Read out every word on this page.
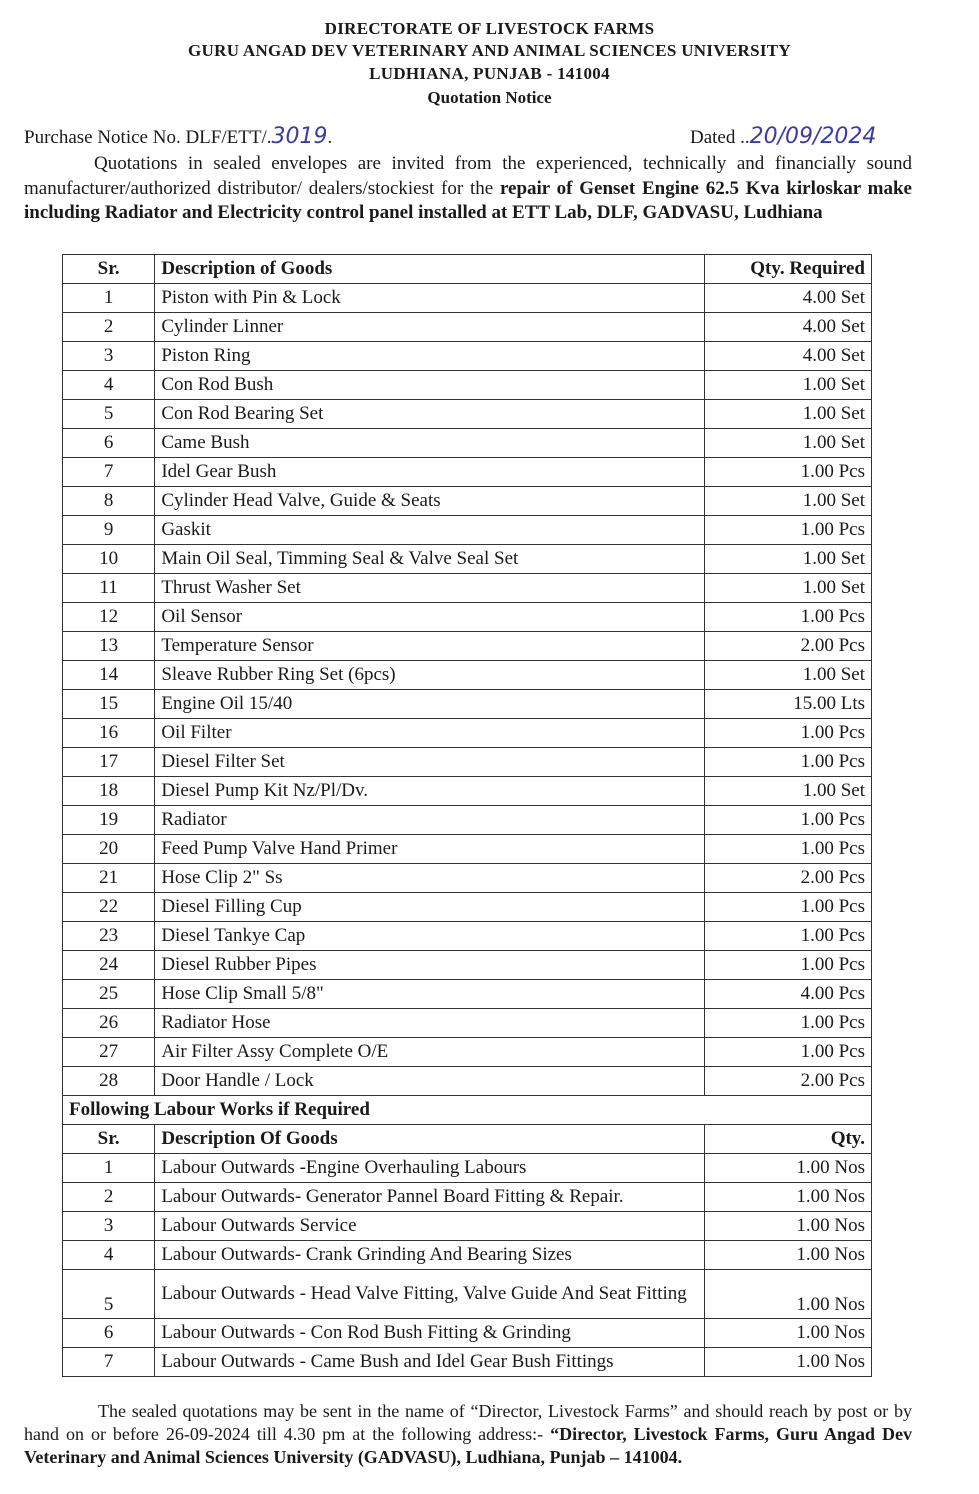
DIRECTORATE OF LIVESTOCK FARMS
GURU ANGAD DEV VETERINARY AND ANIMAL SCIENCES UNIVERSITY
LUDHIANA, PUNJAB - 141004
Quotation Notice
Purchase Notice No. DLF/ETT/.3019.	Dated ..20/09/2024
Quotations in sealed envelopes are invited from the experienced, technically and financially sound manufacturer/authorized distributor/ dealers/stockiest for the repair of Genset Engine 62.5 Kva kirloskar make including Radiator and Electricity control panel installed at ETT Lab, DLF, GADVASU, Ludhiana
Sr.	Description of Goods	Qty. Required
1	Piston with Pin & Lock	4.00 Set
2	Cylinder Linner	4.00 Set
3	Piston Ring	4.00 Set
4	Con Rod Bush	1.00 Set
5	Con Rod Bearing Set	1.00 Set
6	Came Bush	1.00 Set
7	Idel Gear Bush	1.00 Pcs
8	Cylinder Head Valve, Guide & Seats	1.00 Set
9	Gaskit	1.00 Pcs
10	Main Oil Seal, Timming Seal & Valve Seal Set	1.00 Set
11	Thrust Washer Set	1.00 Set
12	Oil Sensor	1.00 Pcs
13	Temperature Sensor	2.00 Pcs
14	Sleave Rubber Ring Set (6pcs)	1.00 Set
15	Engine Oil 15/40	15.00 Lts
16	Oil Filter	1.00 Pcs
17	Diesel Filter Set	1.00 Pcs
18	Diesel Pump Kit Nz/Pl/Dv.	1.00 Set
19	Radiator	1.00 Pcs
20	Feed Pump Valve Hand Primer	1.00 Pcs
21	Hose Clip 2" Ss	2.00 Pcs
22	Diesel Filling Cup	1.00 Pcs
23	Diesel Tankye Cap	1.00 Pcs
24	Diesel Rubber Pipes	1.00 Pcs
25	Hose Clip Small 5/8"	4.00 Pcs
26	Radiator Hose	1.00 Pcs
27	Air Filter Assy Complete O/E	1.00 Pcs
28	Door Handle / Lock	2.00 Pcs
Following Labour Works if Required		
Sr.	Description Of Goods	Qty.
1	Labour Outwards -Engine Overhauling Labours	1.00 Nos
2	Labour Outwards- Generator Pannel Board Fitting & Repair.	1.00 Nos
3	Labour Outwards Service	1.00 Nos
4	Labour Outwards- Crank Grinding And Bearing Sizes	1.00 Nos
5	Labour Outwards - Head Valve Fitting, Valve Guide And Seat Fitting	1.00 Nos
6	Labour Outwards - Con Rod Bush Fitting & Grinding	1.00 Nos
7	Labour Outwards - Came Bush and Idel Gear Bush Fittings	1.00 Nos
The sealed quotations may be sent in the name of “Director, Livestock Farms” and should reach by post or by hand on or before 26-09-2024 till 4.30 pm at the following address:- “Director, Livestock Farms, Guru Angad Dev Veterinary and Animal Sciences University (GADVASU), Ludhiana, Punjab – 141004.
